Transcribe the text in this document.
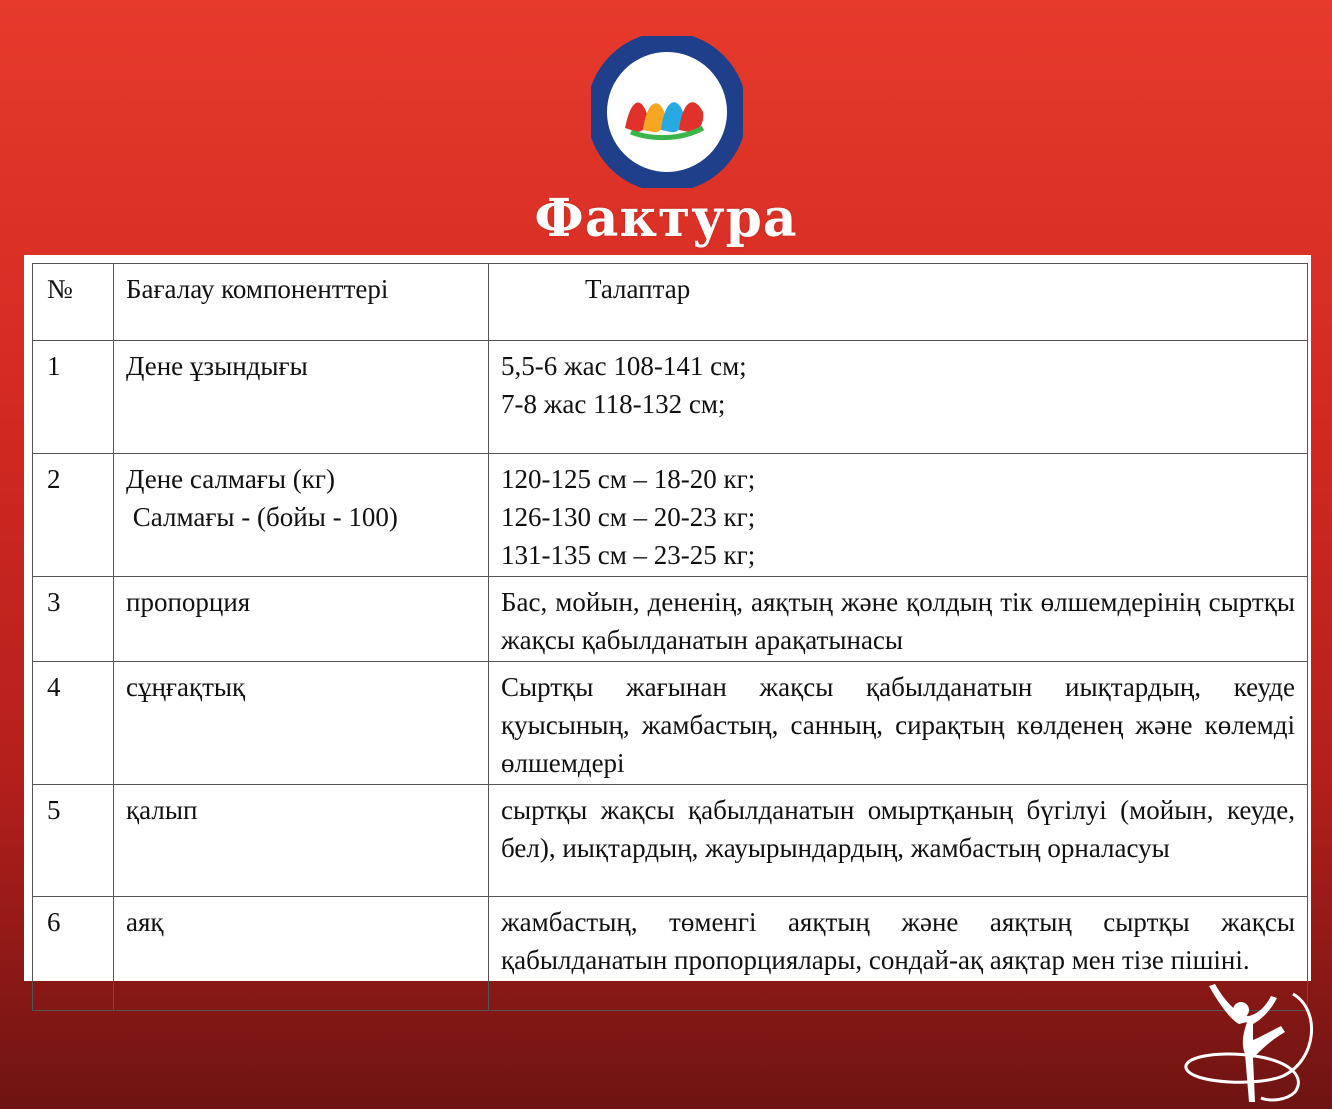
Фактура
№	Бағалау компоненттері	Талаптар
1	Дене ұзындығы	5,5-6 жас 108-141 см;
7-8 жас 118-132 см;

2	Дене салмағы (кг)
Салмағы - (бойы - 100)	120-125 см – 18-20 кг;
126-130 см – 20-23 кг;
131-135 см – 23-25 кг;

3	пропорция	Бас, мойын, дененің, аяқтың және қолдың тік өлшемдерінің сыртқы жақсы қабылданатын арақатынасы
4	сұңғақтық	Сыртқы жағынан жақсы қабылданатын иықтардың, кеуде қуысының, жамбастың, санның, сирақтың көлденең және көлемді өлшемдері
5	қалып	сыртқы жақсы қабылданатын омыртқаның бүгілуі (мойын, кеуде, бел), иықтардың, жауырындардың, жамбастың орналасуы
6	аяқ	жамбастың, төменгі аяқтың және аяқтың сыртқы жақсы қабылданатын пропорциялары, сондай-ақ аяқтар мен тізе пішіні.
